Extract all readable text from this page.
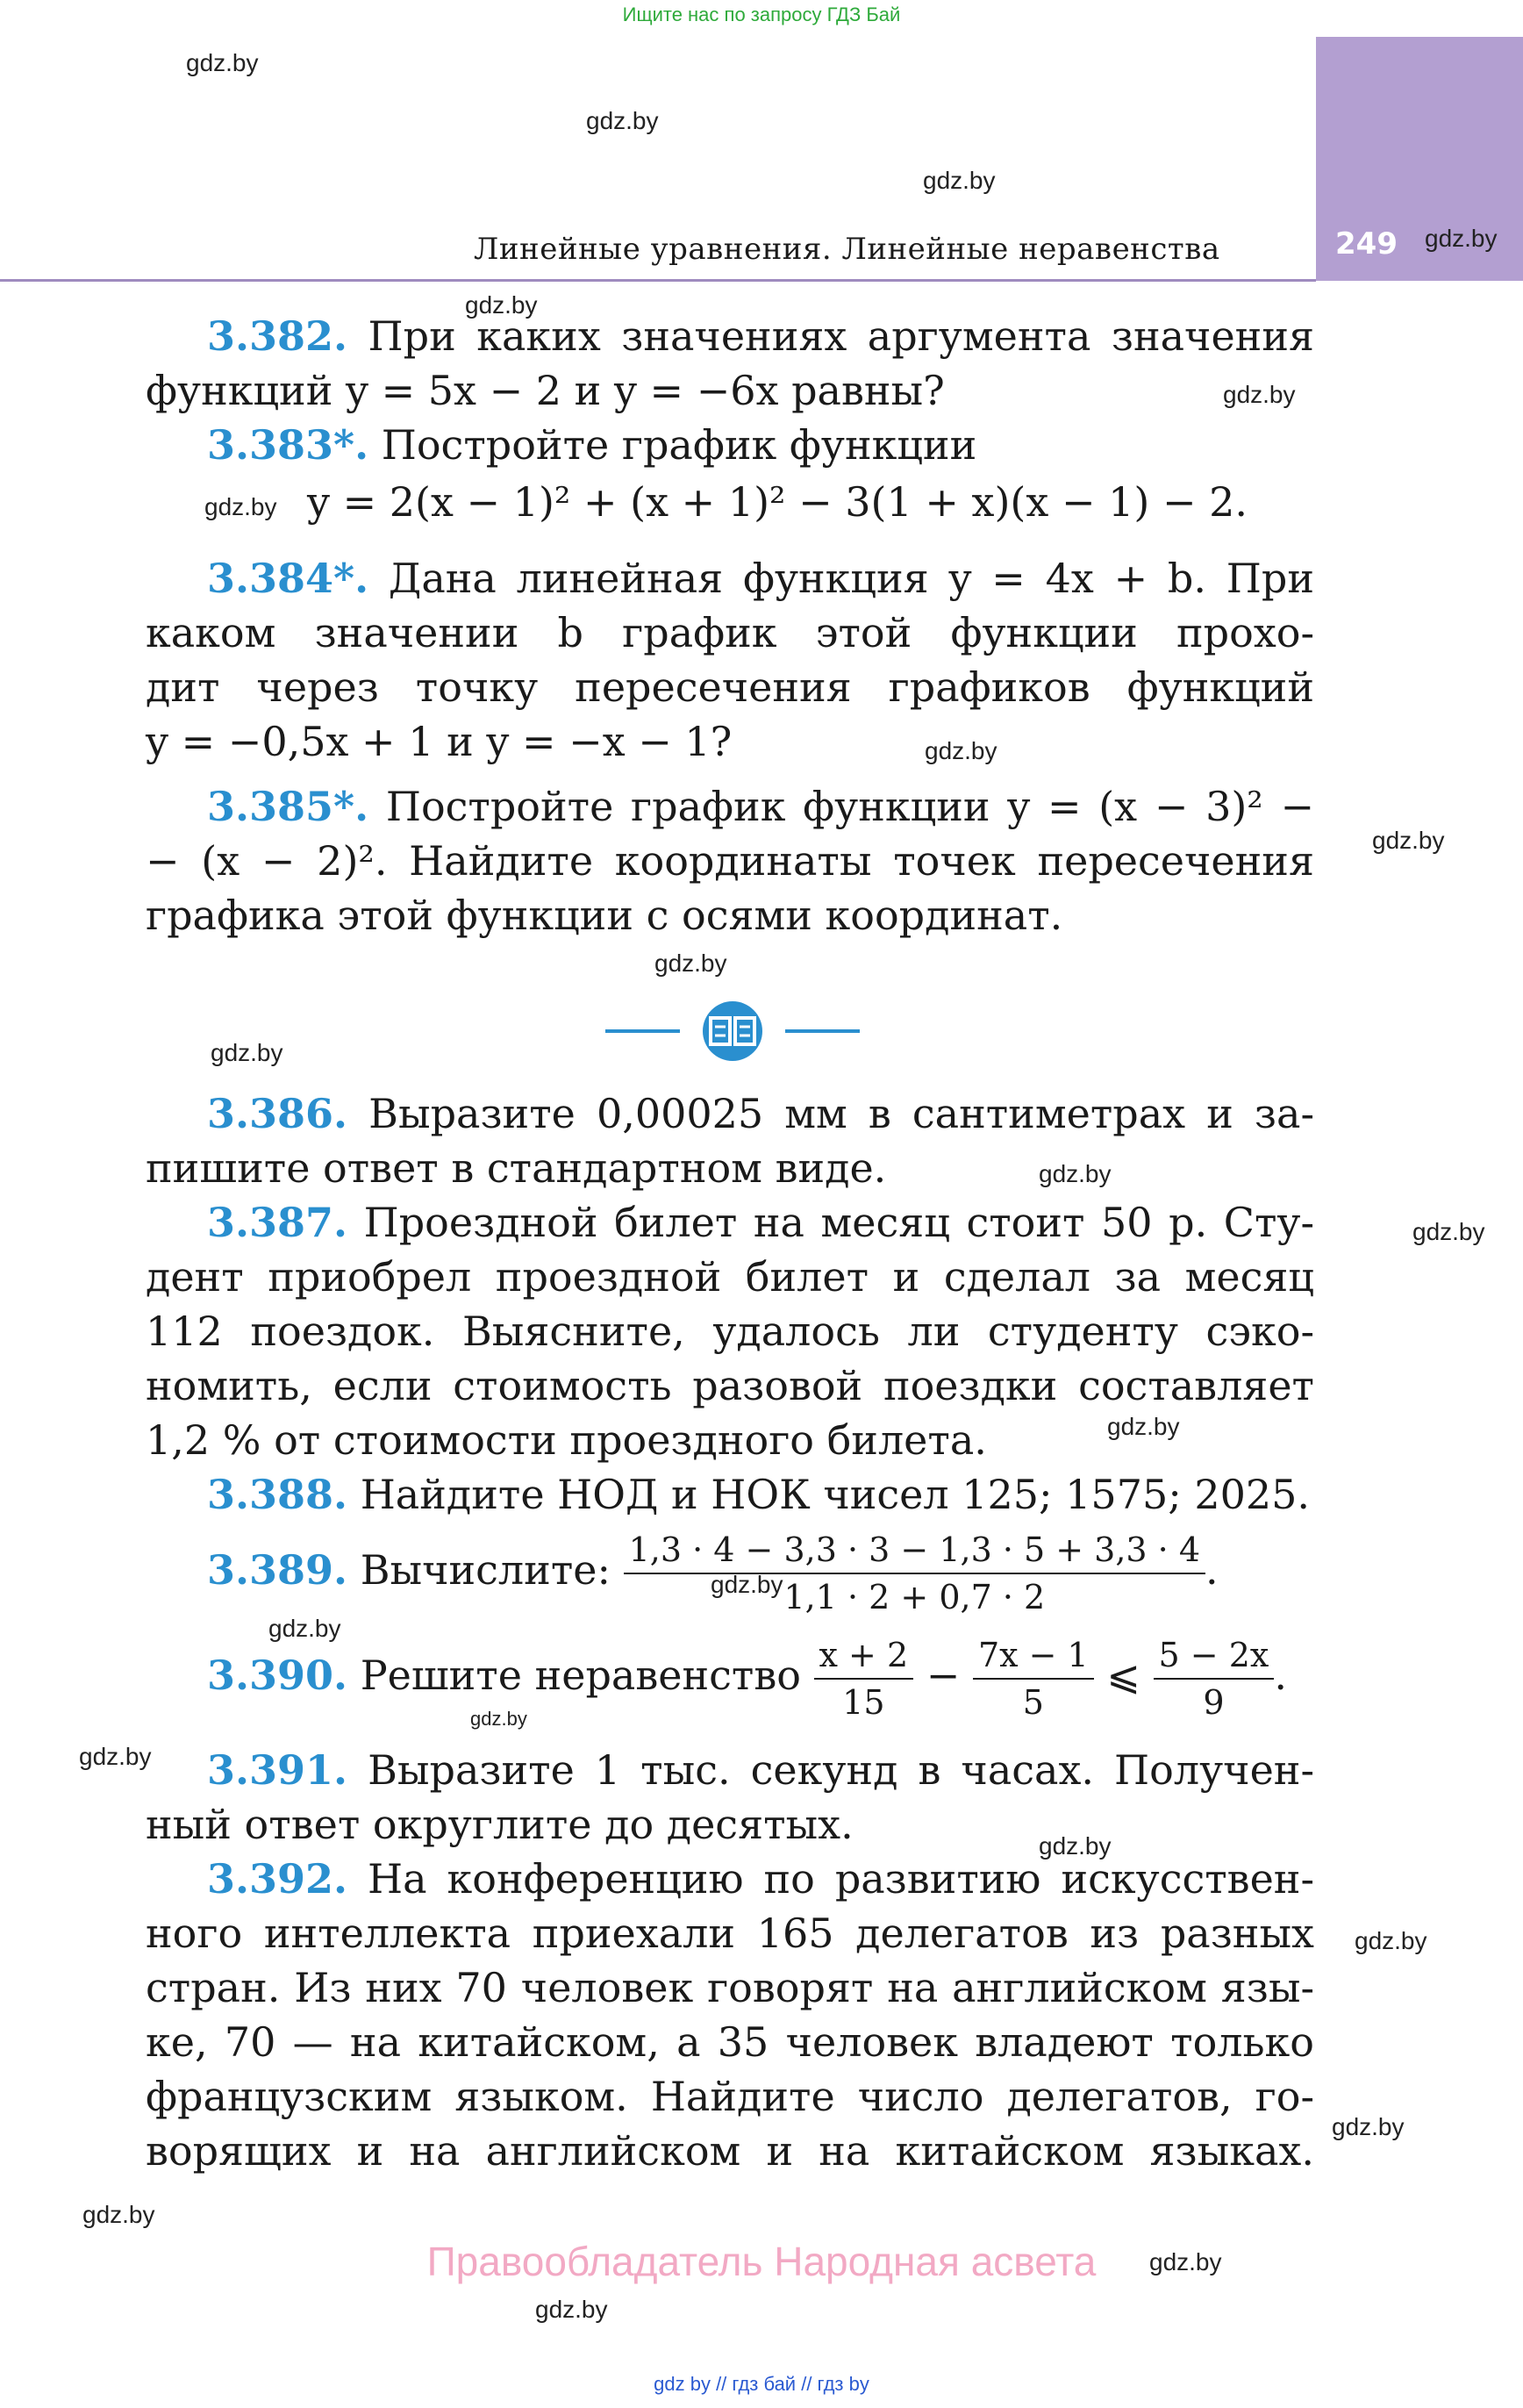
Ищите нас по запросу ГДЗ Бай
249
Линейные уравнения. Линейные неравенства
gdz.by
gdz.by
gdz.by
gdz.by
gdz.by
gdz.by
gdz.by
gdz.by
gdz.by
gdz.by
gdz.by
gdz.by
gdz.by
gdz.by
gdz.by
gdz.by
gdz.by
gdz.by
gdz.by
gdz.by
gdz.by
gdz.by
gdz.by
gdz.by
3.382. При каких значениях аргумента значения
функций y = 5x − 2 и y = −6x равны?
3.383*. Постройте график функции
y = 2(x − 1)² + (x + 1)² − 3(1 + x)(x − 1) − 2.
3.384*. Дана линейная функция y = 4x + b. При
каком значении b график этой функции прохо-
дит через точку пересечения графиков функций
y = −0,5x + 1 и y = −x − 1?
3.385*. Постройте график функции y = (x − 3)² −
− (x − 2)². Найдите координаты точек пересечения
графика этой функции с осями координат.
3.386. Выразите 0,00025 мм в сантиметрах и за-
пишите ответ в стандартном виде.
3.387. Проездной билет на месяц стоит 50 р. Сту-
дент приобрел проездной билет и сделал за месяц
112 поездок. Выясните, удалось ли студенту сэко-
номить, если стоимость разовой поездки составляет
1,2 % от стоимости проездного билета.
3.388. Найдите НОД и НОК чисел 125; 1575; 2025.
3.389. Вычислите: $\frac{1,3 \cdot 4 - 3,3 \cdot 3 - 1,3 \cdot 5 + 3,3 \cdot 4}{1,1 \cdot 2 + 0,7 \cdot 2}$ .
3.390. Решите неравенство $\frac{x + 2}{15} - \frac{7x - 1}{5}$ ⩽ $\frac{5 - 2x}{9}$ .
3.391. Выразите 1 тыс. секунд в часах. Получен-
ный ответ округлите до десятых.
3.392. На конференцию по развитию искусствен-
ного интеллекта приехали 165 делегатов из разных
стран. Из них 70 человек говорят на английском язы-
ке, 70 — на китайском, а 35 человек владеют только
французским языком. Найдите число делегатов, го-
ворящих и на английском и на китайском языках.
Правообладатель Народная асвета
gdz by // гдз бай // гдз by
